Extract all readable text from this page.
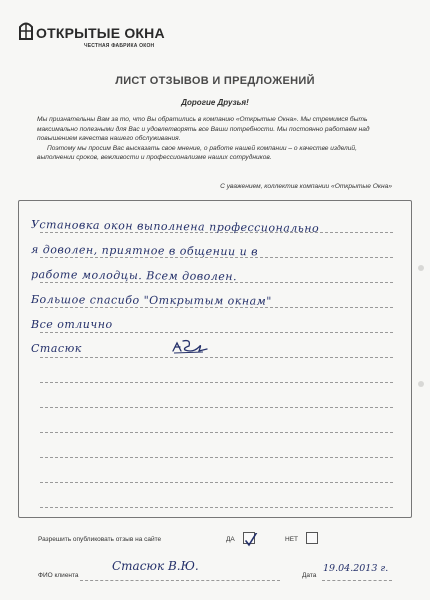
ОТКРЫТЫЕ ОКНА
ЧЕСТНАЯ ФАБРИКА ОКОН
ЛИСТ ОТЗЫВОВ И ПРЕДЛОЖЕНИЙ
Дорогие Друзья!

Мы признательны Вам за то, что Вы обратились в компанию «Открытые Окна». Мы стремимся быть максимально полезными для Вас и удовлетворять все Ваши потребности. Мы постоянно работаем над повышением качества нашего обслуживания.

Поэтому мы просим Вас высказать свое мнение, о работе нашей компании – о качестве изделий, выполнении сроков, вежливости и профессионализме наших сотрудников.

С уважением, коллектив компании «Открытые Окна»
Установка окон выполнена профессионально
я доволен, приятное в общении и в
работе молодцы. Всем доволен.
Большое спасибо "Открытым окнам"
Все отлично
Стасюк
Разрешить опубликовать отзыв на сайте	ДА	НЕТ
ФИО клиента
Стасюк В.Ю.
Дата
19.04.2013 г.
